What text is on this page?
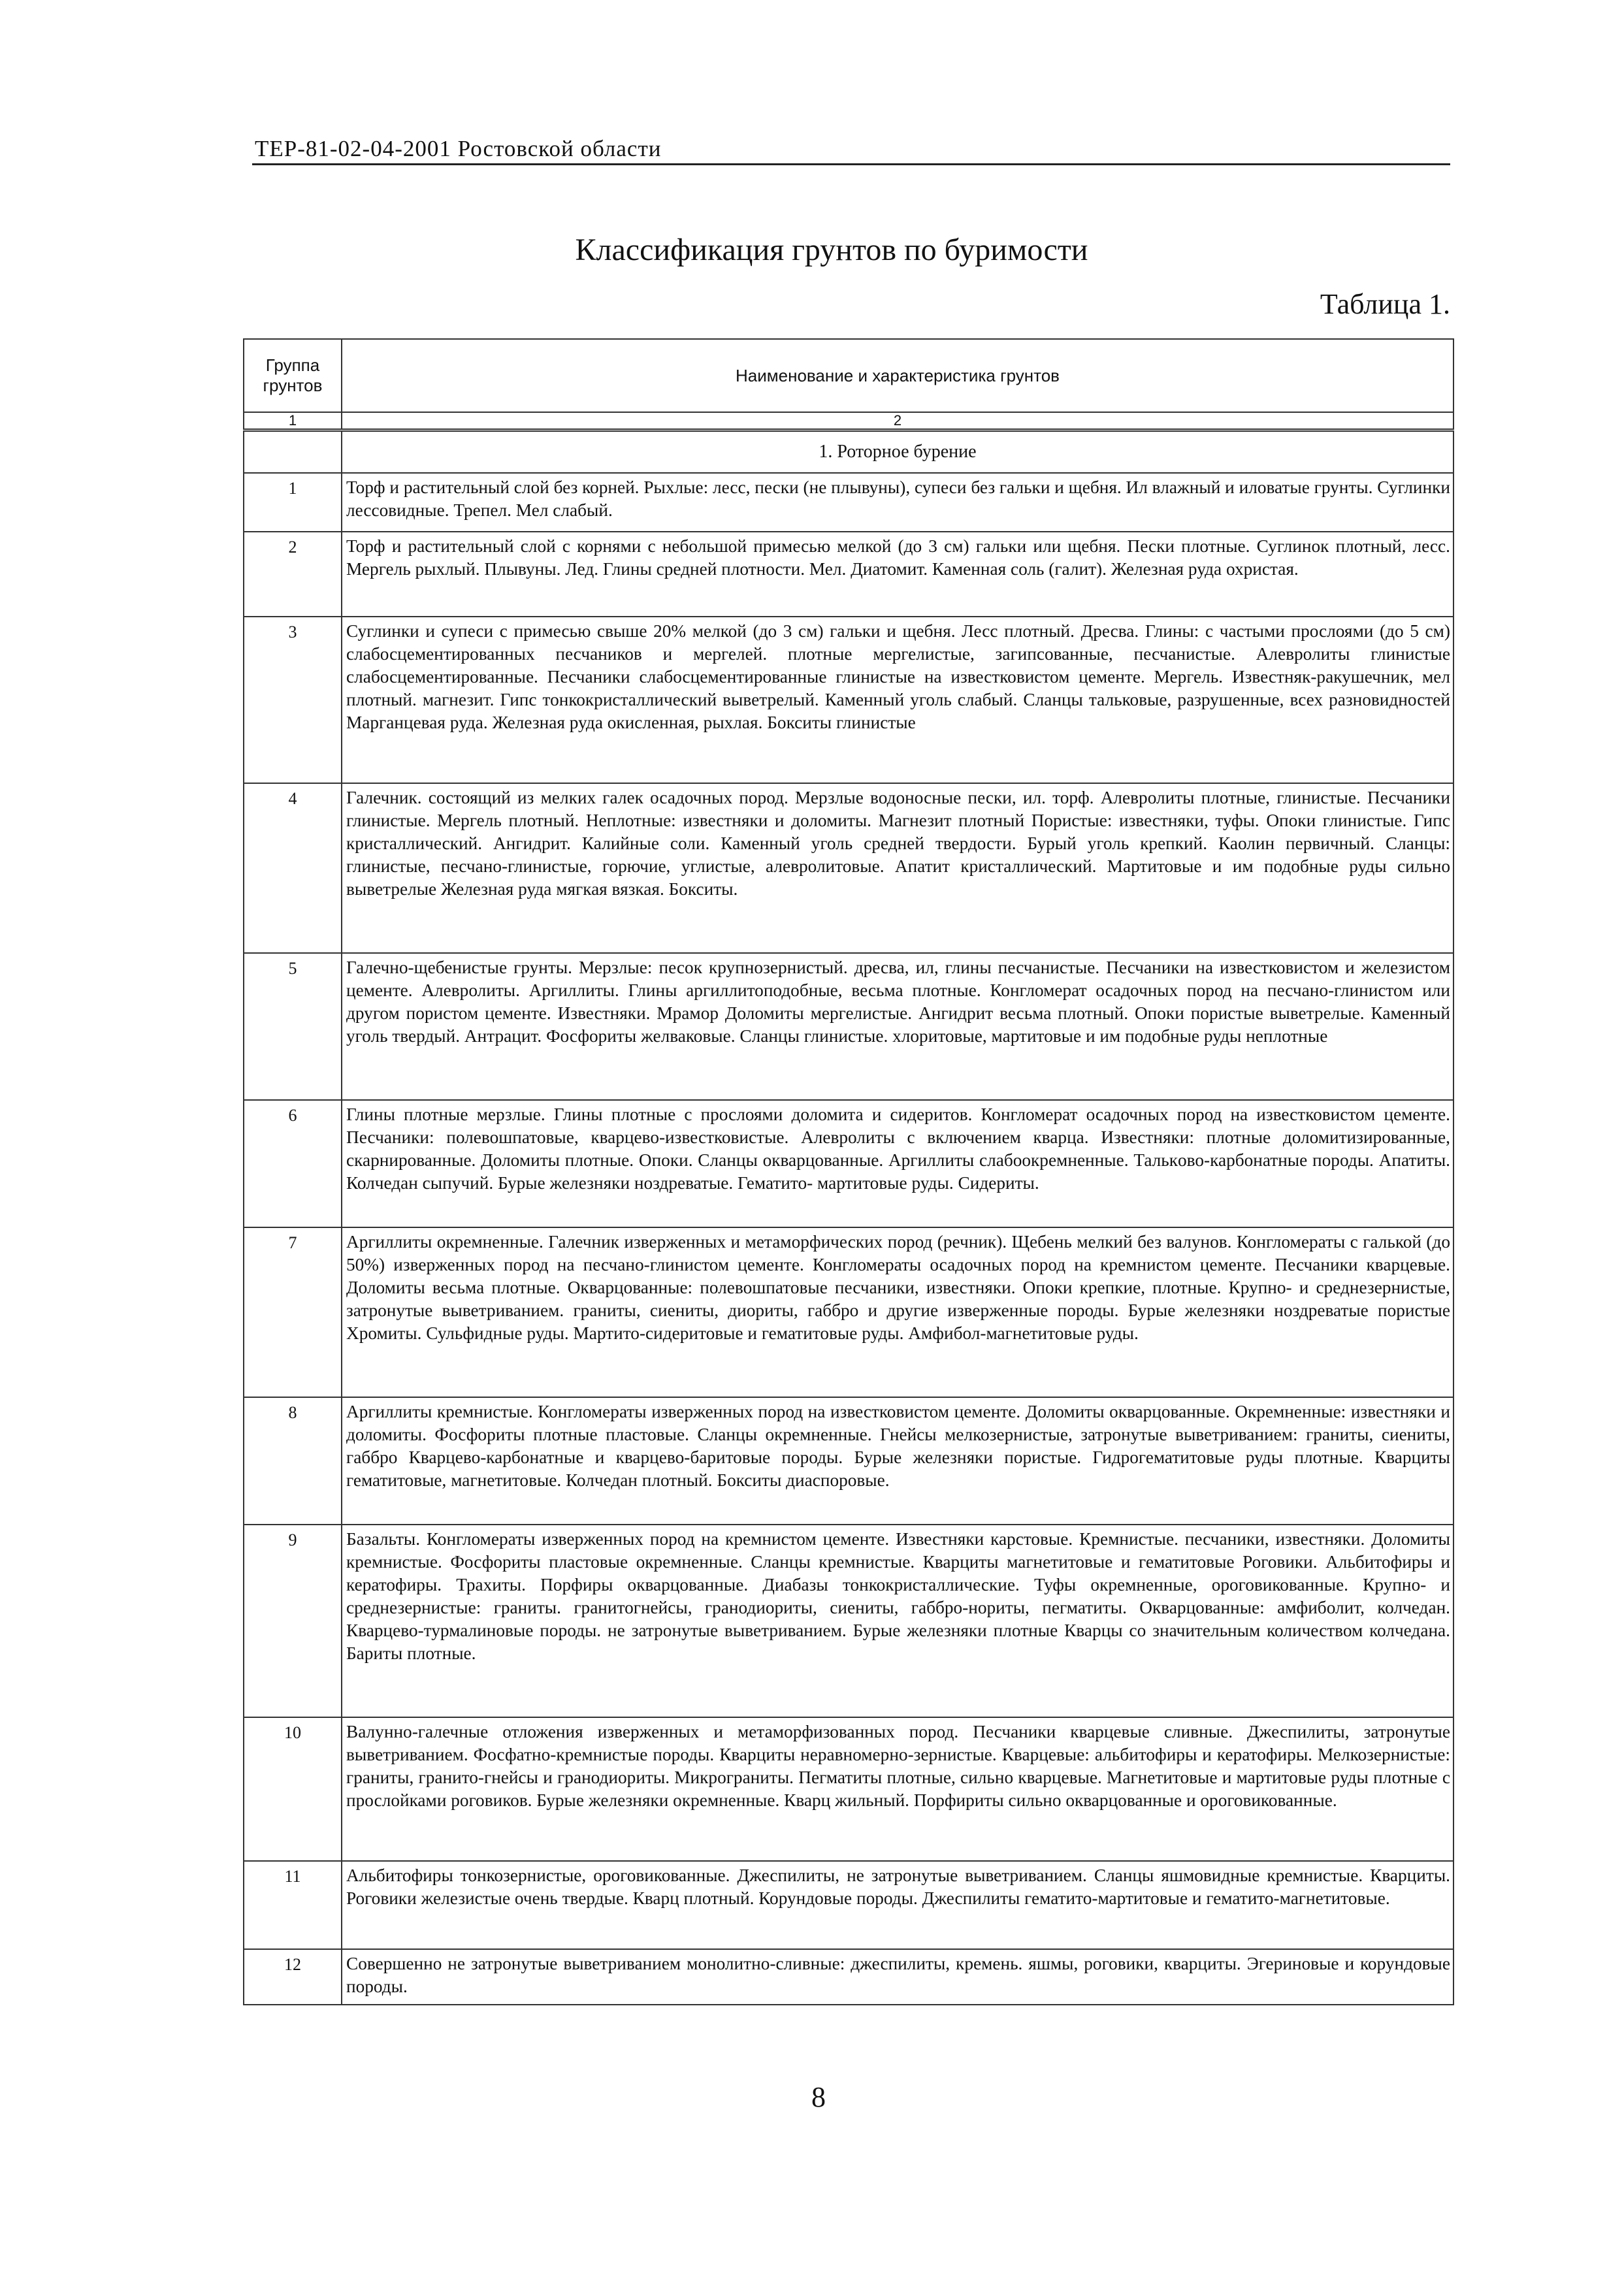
ТЕР-81-02-04-2001 Ростовской области
Классификация грунтов по буримости
Таблица 1.
Группа грунтов	Наименование и характеристика грунтов
1	2
	1. Роторное бурение
1	Торф и растительный слой без корней. Рыхлые: лесс, пески (не плывуны), супеси без гальки и щебня. Ил влажный и иловатые грунты. Суглинки лессовидные. Трепел. Мел слабый.
2	Торф и растительный слой с корнями с небольшой примесью мелкой (до 3 см) гальки или щебня. Пески плотные. Суглинок плотный, лесс. Мергель рыхлый. Плывуны. Лед. Глины средней плотности. Мел. Диатомит. Каменная соль (галит). Железная руда охристая.
3	Суглинки и супеси с примесью свыше 20% мелкой (до 3 см) гальки и щебня. Лесс плотный. Дресва. Глины: с частыми прослоями (до 5 см) слабосцементированных песчаников и мергелей. плотные мергелистые, загипсованные, песчанистые. Алевролиты глинистые слабосцементированные. Песчаники слабосцементированные глинистые на известковистом цементе. Мергель. Известняк-ракушечник, мел плотный. магнезит. Гипс тонкокристаллический выветрелый. Каменный уголь слабый. Сланцы тальковые, разрушенные, всех разновидностей Марганцевая руда. Железная руда окисленная, рыхлая. Бокситы глинистые
4	Галечник. состоящий из мелких галек осадочных пород. Мерзлые водоносные пески, ил. торф. Алевролиты плотные, глинистые. Песчаники глинистые. Мергель плотный. Неплотные: известняки и доломиты. Магнезит плотный Пористые: известняки, туфы. Опоки глинистые. Гипс кристаллический. Ангидрит. Калийные соли. Каменный уголь средней твердости. Бурый уголь крепкий. Каолин первичный. Сланцы: глинистые, песчано-глинистые, горючие, углистые, алевролитовые. Апатит кристаллический. Мартитовые и им подобные руды сильно выветрелые Железная руда мягкая вязкая. Бокситы.
5	Галечно-щебенистые грунты. Мерзлые: песок крупнозернистый. дресва, ил, глины песчанистые. Песчаники на известковистом и железистом цементе. Алевролиты. Аргиллиты. Глины аргиллитоподобные, весьма плотные. Конгломерат осадочных пород на песчано-глинистом или другом пористом цементе. Известняки. Мрамор Доломиты мергелистые. Ангидрит весьма плотный. Опоки пористые выветрелые. Каменный уголь твердый. Антрацит. Фосфориты желваковые. Сланцы глинистые. хлоритовые, мартитовые и им подобные руды неплотные
6	Глины плотные мерзлые. Глины плотные с прослоями доломита и сидеритов. Конгломерат осадочных пород на известковистом цементе. Песчаники: полевошпатовые, кварцево-известковистые. Алевролиты с включением кварца. Известняки: плотные доломитизированные, скарнированные. Доломиты плотные. Опоки. Сланцы окварцованные. Аргиллиты слабоокремненные. Талькoво-карбонатные породы. Апатиты. Колчедан сыпучий. Бурые железняки ноздреватые. Гематито- мартитовые руды. Сидериты.
7	Аргиллиты окремненные. Галечник изверженных и метаморфических пород (речник). Щебень мелкий без валунов. Конгломераты с галькой (до 50%) изверженных пород на песчано-глинистом цементе. Конгломераты осадочных пород на кремнистом цементе. Песчаники кварцевые. Доломиты весьма плотные. Окварцованные: полевошпатовые песчаники, известняки. Опоки крепкие, плотные. Крупно- и среднезернистые, затронутые выветриванием. граниты, сиениты, диориты, габбро и другие изверженные породы. Бурые железняки ноздреватые пористые Хромиты. Сульфидные руды. Мартито-сидеритовые и гематитовые руды. Амфибол-магнетитовые руды.
8	Аргиллиты кремнистые. Конгломераты изверженных пород на известковистом цементе. Доломиты окварцованные. Окремненные: известняки и доломиты. Фосфориты плотные пластовые. Сланцы окремненные. Гнейсы мелкозернистые, затронутые выветриванием: граниты, сиениты, габбро Кварцево-карбонатные и кварцево-баритовые породы. Бурые железняки пористые. Гидрогематитовые руды плотные. Кварциты гематитовые, магнетитовые. Колчедан плотный. Бокситы диаспоровые.
9	Базальты. Конгломераты изверженных пород на кремнистом цементе. Известняки карстовые. Кремнистые. песчаники, известняки. Доломиты кремнистые. Фосфориты пластовые окремненные. Сланцы кремнистые. Кварциты магнетитовые и гематитовые Роговики. Альбитофиры и кератофиры. Трахиты. Порфиры окварцованные. Диабазы тонкокристаллические. Туфы окремненные, ороговикованные. Крупно- и среднезернистые: граниты. гранитогнейсы, гранодиориты, сиениты, габбро-нориты, пегматиты. Окварцованные: амфиболит, колчедан. Кварцево-турмалиновые породы. не затронутые выветриванием. Бурые железняки плотные Кварцы со значительным количеством колчедана. Бариты плотные.
10	Валунно-галечные отложения изверженных и метаморфизованных пород. Песчаники кварцевые сливные. Джеспилиты, затронутые выветриванием. Фосфатно-кремнистые породы. Кварциты неравномерно-зернистые. Кварцевые: альбитофиры и кератофиры. Мелкозернистые: граниты, гранито-гнейсы и гранодиориты. Микрограниты. Пегматиты плотные, сильно кварцевые. Магнетитовые и мартитовые руды плотные с прослойками роговиков. Бурые железняки окремненные. Кварц жильный. Порфириты сильно окварцованные и ороговикованные.
11	Альбитофиры тонкозернистые, ороговикованные. Джеспилиты, не затронутые выветриванием. Сланцы яшмовидные кремнистые. Кварциты. Роговики железистые очень твердые. Кварц плотный. Корундовые породы. Джеспилиты гематито-мартитовые и гематито-магнетитовые.
12	Совершенно не затронутые выветриванием монолитно-сливные: джеспилиты, кремень. яшмы, роговики, кварциты. Эгериновые и корундовые породы.
8
